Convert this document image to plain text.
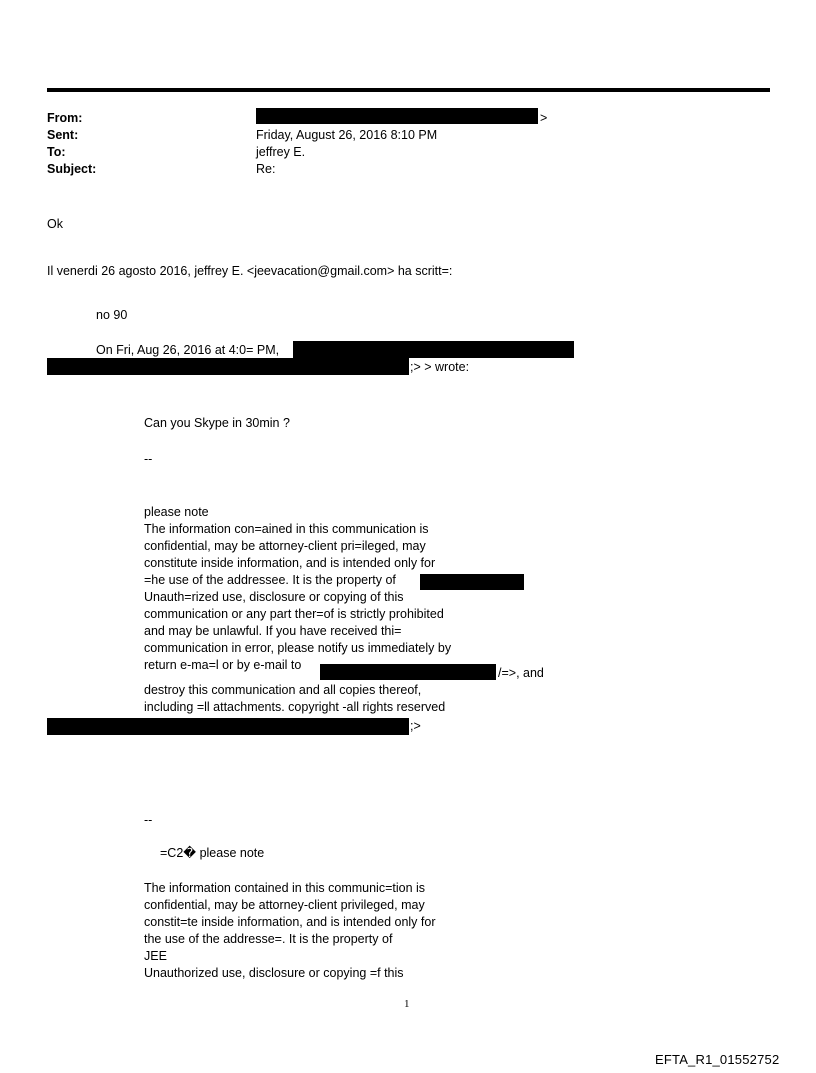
From:	>
Sent:	Friday, August 26, 2016 8:10 PM
To:	jeffrey E.
Subject:	Re:
Ok
Il venerdi 26 agosto 2016, jeffrey E. <jeevacation@gmail.com> ha scritt=:
no 90
On Fri, Aug 26, 2016 at 4:0= PM,
;> > wrote:
Can you Skype in 30min ?
--
please note
The information con=ained in this communication is
confidential, may be attorney-client pri=ileged, may
constitute inside information, and is intended only for
=he use of the addressee. It is the property of
Unauth=rized use, disclosure or copying of this
communication or any part ther=of is strictly prohibited
and may be unlawful. If you have received thi=
communication in error, please notify us immediately by
return e-ma=l or by e-mail to
/=>, and
destroy this communication and all copies thereof,
including =ll attachments. copyright -all rights reserved
;>
--
=C2� please note
The information contained in this communic=tion is
confidential, may be attorney-client privileged, may
constit=te inside information, and is intended only for
the use of the addresse=. It is the property of
JEE
Unauthorized use, disclosure or copying =f this
1
EFTA_R1_01552752
